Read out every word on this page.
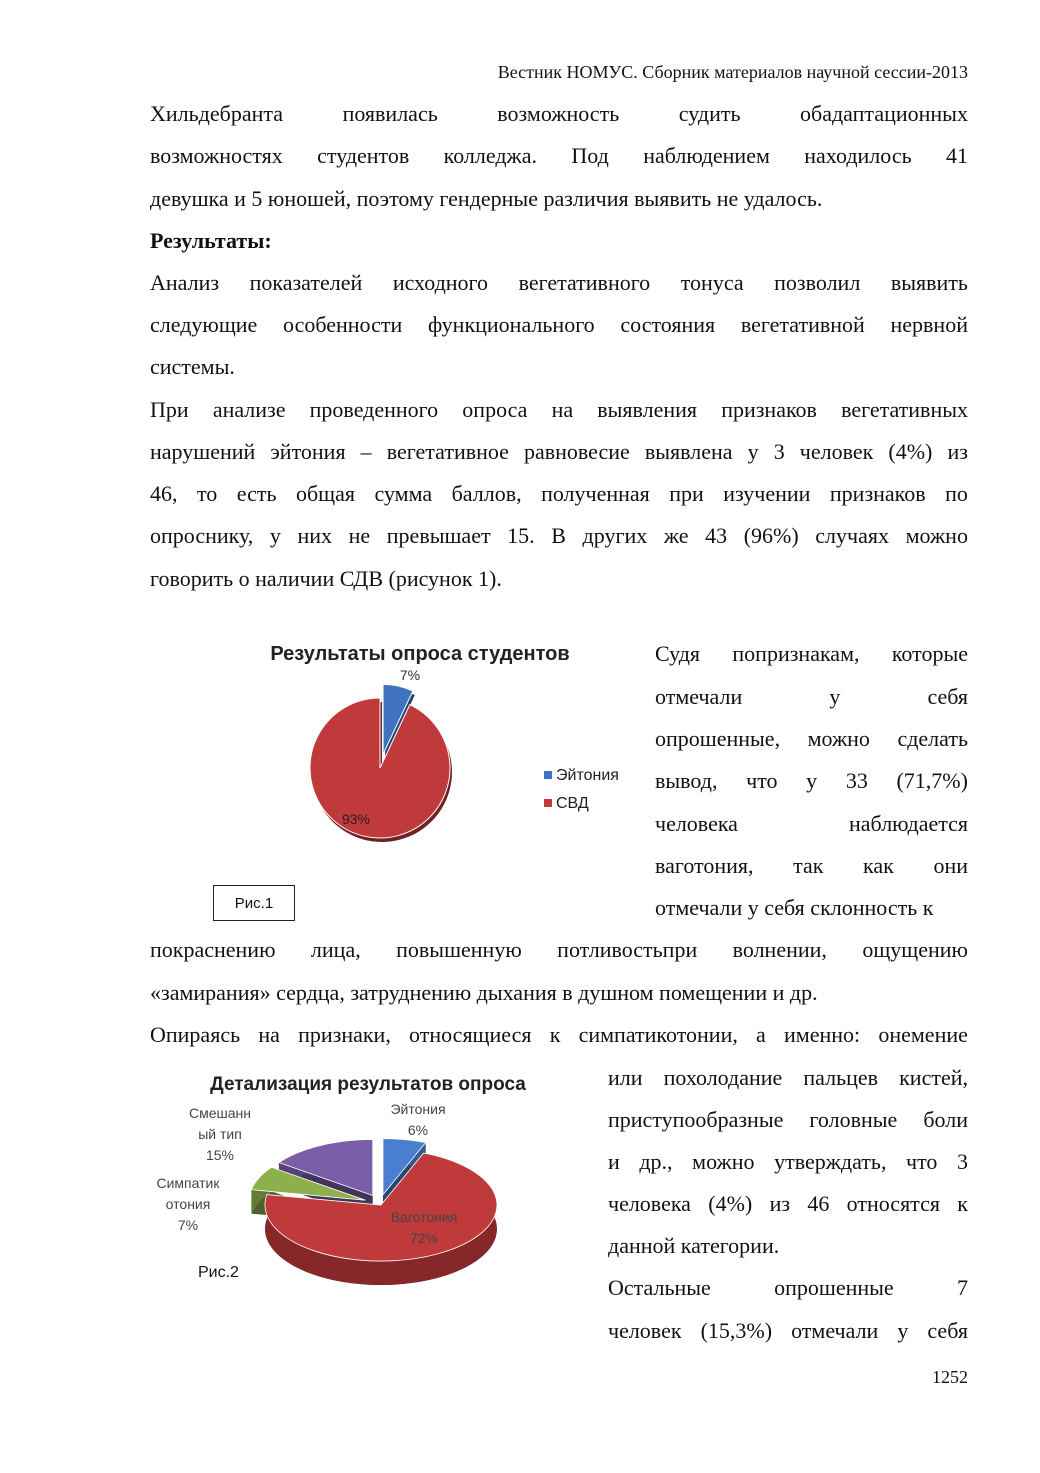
Вестник НОМУС. Сборник материалов научной сессии-2013
Хильдебранта	появилась	возможность	судить	обадаптационных
возможностях студентов колледжа. Под наблюдением находилось 41
девушка и 5 юношей, поэтому гендерные различия выявить не удалось.
Результаты:
Анализ показателей исходного вегетативного тонуса позволил выявить
следующие особенности функционального состояния вегетативной нервной
системы.
При анализе проведенного опроса на выявления признаков вегетативных
нарушений эйтония – вегетативное равновесие выявлена у 3 человек (4%) из
46, то есть общая сумма баллов, полученная при изучении признаков по
опроснику, у них не превышает 15. В других же 43 (96%) случаях можно
говорить о наличии СДВ (рисунок 1).
Судя попризнакам, которые
отмечали	у	себя
опрошенные, можно сделать
вывод, что у 33 (71,7%)
человека	наблюдается
ваготония, так как они
отмечали у себя склонность к
покраснению лица, повышенную потливостьпри волнении, ощущению
«замирания» сердца, затруднению дыхания в душном помещении и др.
Опираясь на признаки, относящиеся к симпатикотонии, а именно: онемение
или похолодание пальцев кистей,
приступообразные головные боли
и др., можно утверждать, что 3
человека (4%) из 46 относятся к
данной категории.
Остальные	опрошенные	7
человек (15,3%) отмечали у себя
Результаты опроса студентов
7%
93%
Эйтония
СВД
Рис.1
Детализация результатов опроса
Эйтония 6%
Ваготония 72%
Симпатик отония 7%
Смешанн ый тип 15%
Рис.2
1252
